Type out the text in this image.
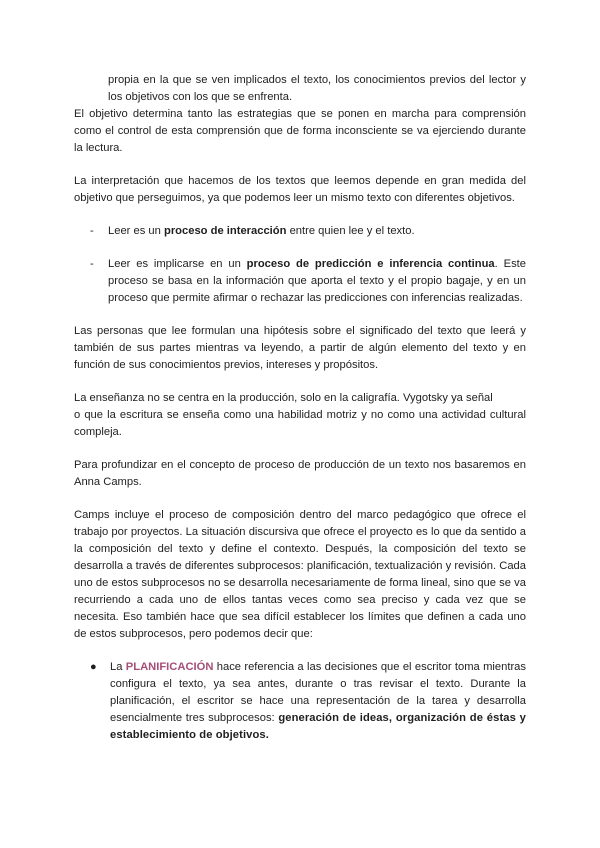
propia en la que se ven implicados el texto, los conocimientos previos del lector y los objetivos con los que se enfrenta.

El objetivo determina tanto las estrategias que se ponen en marcha para comprensión como el control de esta comprensión que de forma inconsciente se va ejerciendo durante la lectura.

La interpretación que hacemos de los textos que leemos depende en gran medida del objetivo que perseguimos, ya que podemos leer un mismo texto con diferentes objetivos.

- Leer es un proceso de interacción entre quien lee y el texto.
- Leer es implicarse en un proceso de predicción e inferencia continua. Este proceso se basa en la información que aporta el texto y el propio bagaje, y en un proceso que permite afirmar o rechazar las predicciones con inferencias realizadas.

Las personas que lee formulan una hipótesis sobre el significado del texto que leerá y también de sus partes mientras va leyendo, a partir de algún elemento del texto y en función de sus conocimientos previos, intereses y propósitos.

La enseñanza no se centra en la producción, solo en la caligrafía. Vygotsky ya señal

o que la escritura se enseña como una habilidad motriz y no como una actividad cultural compleja.

Para profundizar en el concepto de proceso de producción de un texto nos basaremos en Anna Camps.

Camps incluye el proceso de composición dentro del marco pedagógico que ofrece el trabajo por proyectos. La situación discursiva que ofrece el proyecto es lo que da sentido a la composición del texto y define el contexto. Después, la composición del texto se desarrolla a través de diferentes subprocesos: planificación, textualización y revisión. Cada uno de estos subprocesos no se desarrolla necesariamente de forma lineal, sino que se va recurriendo a cada uno de ellos tantas veces como sea preciso y cada vez que se necesita. Eso también hace que sea difícil establecer los límites que definen a cada uno de estos subprocesos, pero podemos decir que:

● La PLANIFICACIÓN hace referencia a las decisiones que el escritor toma mientras configura el texto, ya sea antes, durante o tras revisar el texto. Durante la planificación, el escritor se hace una representación de la tarea y desarrolla esencialmente tres subprocesos: generación de ideas, organización de éstas y establecimiento de objetivos.
